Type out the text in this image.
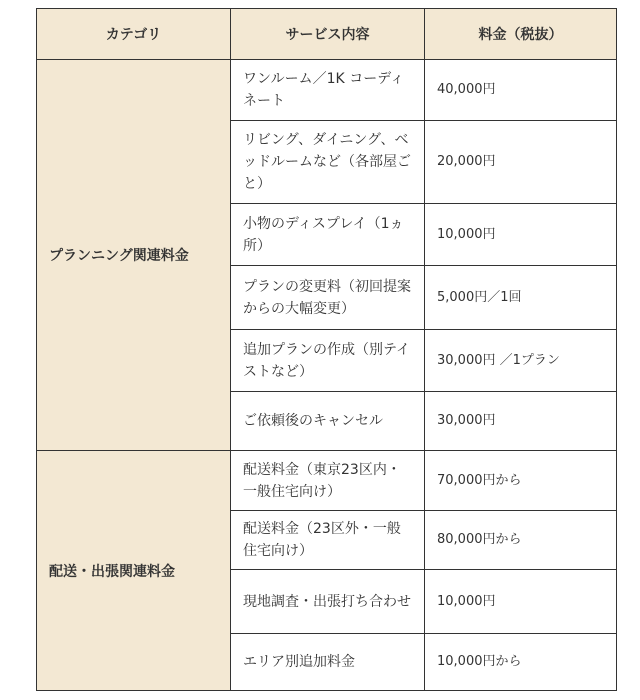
カテゴリ	サービス内容	料金（税抜）
プランニング関連料金	ワンルーム／1K コーディネート	40,000円
	リビング、ダイニング、ベッドルームなど（各部屋ごと）	20,000円
	小物のディスプレイ（1ヵ所）	10,000円
	プランの変更料（初回提案からの大幅変更）	5,000円／1回
	追加プランの作成（別テイストなど）	30,000円 ／1プラン
	ご依頼後のキャンセル	30,000円
配送・出張関連料金	配送料金（東京23区内・一般住宅向け）	70,000円から
	配送料金（23区外・一般住宅向け）	80,000円から
	現地調査・出張打ち合わせ	10,000円
	エリア別追加料金	10,000円から
